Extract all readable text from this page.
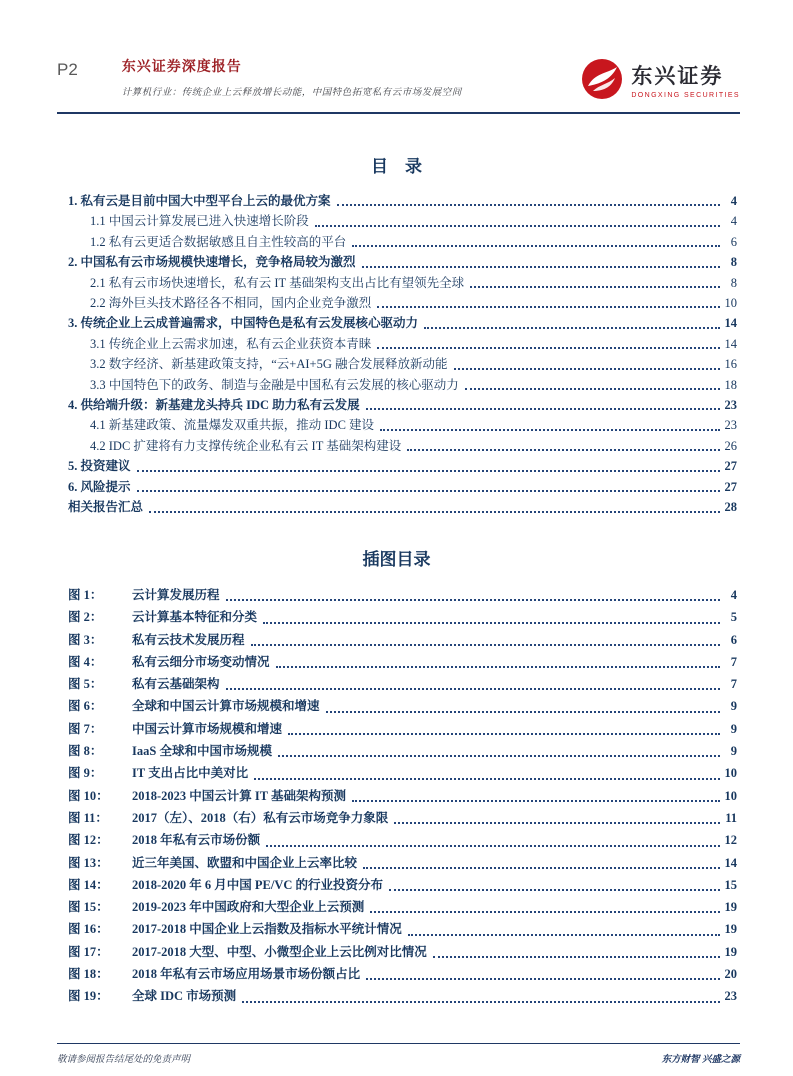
P2	东兴证券深度报告
计算机行业：传统企业上云释放增长动能，中国特色拓宽私有云市场发展空间
东兴证券
DONGXING SECURITIES
目　录
1. 私有云是目前中国大中型平台上云的最优方案	4
1.1 中国云计算发展已进入快速增长阶段	4
1.2 私有云更适合数据敏感且自主性较高的平台	6
2. 中国私有云市场规模快速增长，竞争格局较为激烈	8
2.1 私有云市场快速增长，私有云 IT 基础架构支出占比有望领先全球	8
2.2 海外巨头技术路径各不相同，国内企业竞争激烈	10
3. 传统企业上云成普遍需求，中国特色是私有云发展核心驱动力	14
3.1 传统企业上云需求加速，私有云企业获资本青睐	14
3.2 数字经济、新基建政策支持，“云+AI+5G 融合发展释放新动能	16
3.3 中国特色下的政务、制造与金融是中国私有云发展的核心驱动力	18
4. 供给端升级：新基建龙头持兵 IDC 助力私有云发展	23
4.1 新基建政策、流量爆发双重共振，推动 IDC 建设	23
4.2 IDC 扩建将有力支撑传统企业私有云 IT 基础架构建设	26
5. 投资建议	27
6. 风险提示	27
相关报告汇总	28
插图目录
图 1：	云计算发展历程	4
图 2：	云计算基本特征和分类	5
图 3：	私有云技术发展历程	6
图 4：	私有云细分市场变动情况	7
图 5：	私有云基础架构	7
图 6：	全球和中国云计算市场规模和增速	9
图 7：	中国云计算市场规模和增速	9
图 8：	IaaS 全球和中国市场规模	9
图 9：	IT 支出占比中美对比	10
图 10：	2018-2023 中国云计算 IT 基础架构预测	10
图 11：	2017（左）、2018（右）私有云市场竞争力象限	11
图 12：	2018 年私有云市场份额	12
图 13：	近三年美国、欧盟和中国企业上云率比较	14
图 14：	2018-2020 年 6 月中国 PE/VC 的行业投资分布	15
图 15：	2019-2023 年中国政府和大型企业上云预测	19
图 16：	2017-2018 中国企业上云指数及指标水平统计情况	19
图 17：	2017-2018 大型、中型、小微型企业上云比例对比情况	19
图 18：	2018 年私有云市场应用场景市场份额占比	20
图 19：	全球 IDC 市场预测	23
敬请参阅报告结尾处的免责声明	东方财智 兴盛之源
